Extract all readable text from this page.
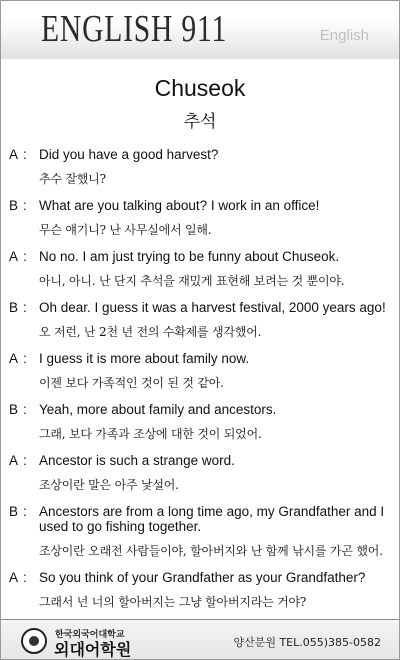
ENGLISH 911	English
Chuseok
추석
A : Did you have a good harvest?
추수 잘했니?
B : What are you talking about? I work in an office!
무슨 얘기니? 난 사무실에서 일해.
A : No no. I am just trying to be funny about Chuseok.
아니, 아니. 난 단지 추석을 재밌게 표현해 보려는 것 뿐이야.
B : Oh dear. I guess it was a harvest festival, 2000 years ago!
오 저런, 난 2천 년 전의 수확제를 생각했어.
A : I guess it is more about family now.
이젠 보다 가족적인 것이 된 것 같아.
B : Yeah, more about family and ancestors.
그래, 보다 가족과 조상에 대한 것이 되었어.
A : Ancestor is such a strange word.
조상이란 말은 아주 낯설어.
B : Ancestors are from a long time ago, my Grandfather and I used to go fishing together.
조상이란 오래전 사람들이야, 할아버지와 난 함께 낚시를 가곤 했어.
A : So you think of your Grandfather as your Grandfather?
그래서 넌 너의 할아버지는 그냥 할아버지라는 거야?
한국외국어대학교
외대어학원	양산분원 TEL.055)385-0582
